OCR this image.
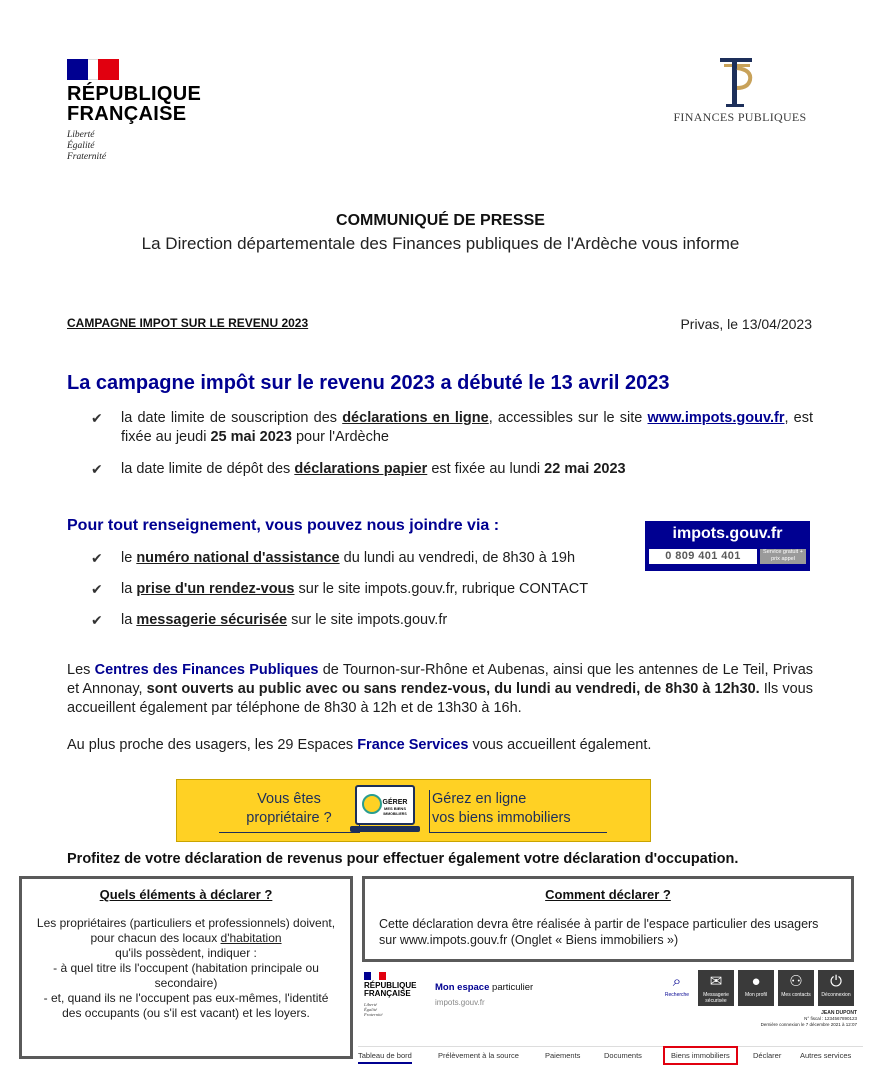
RÉPUBLIQUE
FRANÇAISE
Liberté
Égalité
Fraternité
FINANCES PUBLIQUES
COMMUNIQUÉ DE PRESSE
La Direction départementale des Finances publiques de l'Ardèche vous informe
CAMPAGNE IMPOT SUR LE REVENU 2023	Privas, le 13/04/2023
La campagne impôt sur le revenu 2023 a débuté le 13 avril 2023
✔ la date limite de souscription des déclarations en ligne, accessibles sur le site www.impots.gouv.fr, est fixée au jeudi 25 mai 2023 pour l'Ardèche
✔ la date limite de dépôt des déclarations papier est fixée au lundi 22 mai 2023
Pour tout renseignement, vous pouvez nous joindre via :	impots.gouv.fr
0 809 401 401	Service gratuit + prix appel
✔ le numéro national d'assistance du lundi au vendredi, de 8h30 à 19h
✔ la prise d'un rendez-vous sur le site impots.gouv.fr, rubrique CONTACT
✔ la messagerie sécurisée sur le site impots.gouv.fr
Les Centres des Finances Publiques de Tournon-sur-Rhône et Aubenas, ainsi que les antennes de Le Teil, Privas et Annonay, sont ouverts au public avec ou sans rendez-vous, du lundi au vendredi, de 8h30 à 12h30. Ils vous accueillent également par téléphone de 8h30 à 12h et de 13h30 à 16h.
Au plus proche des usagers, les 29 Espaces France Services vous accueillent également.
Vous êtes
propriétaire ?
GÉRER
MES BIENS
IMMOBILIERS
Gérez en ligne
vos biens immobiliers
Profitez de votre déclaration de revenus pour effectuer également votre déclaration d'occupation.
Quels éléments à déclarer ?
Les propriétaires (particuliers et professionnels) doivent, pour chacun des locaux d'habitation
qu'ils possèdent, indiquer :
- à quel titre ils l'occupent (habitation principale ou secondaire)
- et, quand ils ne l'occupent pas eux-mêmes, l'identité des occupants (ou s'il est vacant) et les loyers.
Comment déclarer ?
Cette déclaration devra être réalisée à partir de l'espace particulier des usagers sur www.impots.gouv.fr (Onglet « Biens immobiliers »)
RÉPUBLIQUE
FRANÇAISE
Liberté
Égalité
Fraternité
Mon espace particulier
impots.gouv.fr
⌕
Recherche
✉
Messagerie sécurisée
●
Mon profil
⚇
Mes contacts
⏻
Déconnexion
JEAN DUPONT
N° fiscal : 1234567890123
Dernière connexion le 7 décembre 2021 à 12:07
Tableau de bord	Prélèvement à la source	Paiements	Documents	Biens immobiliers	Déclarer Autres services
